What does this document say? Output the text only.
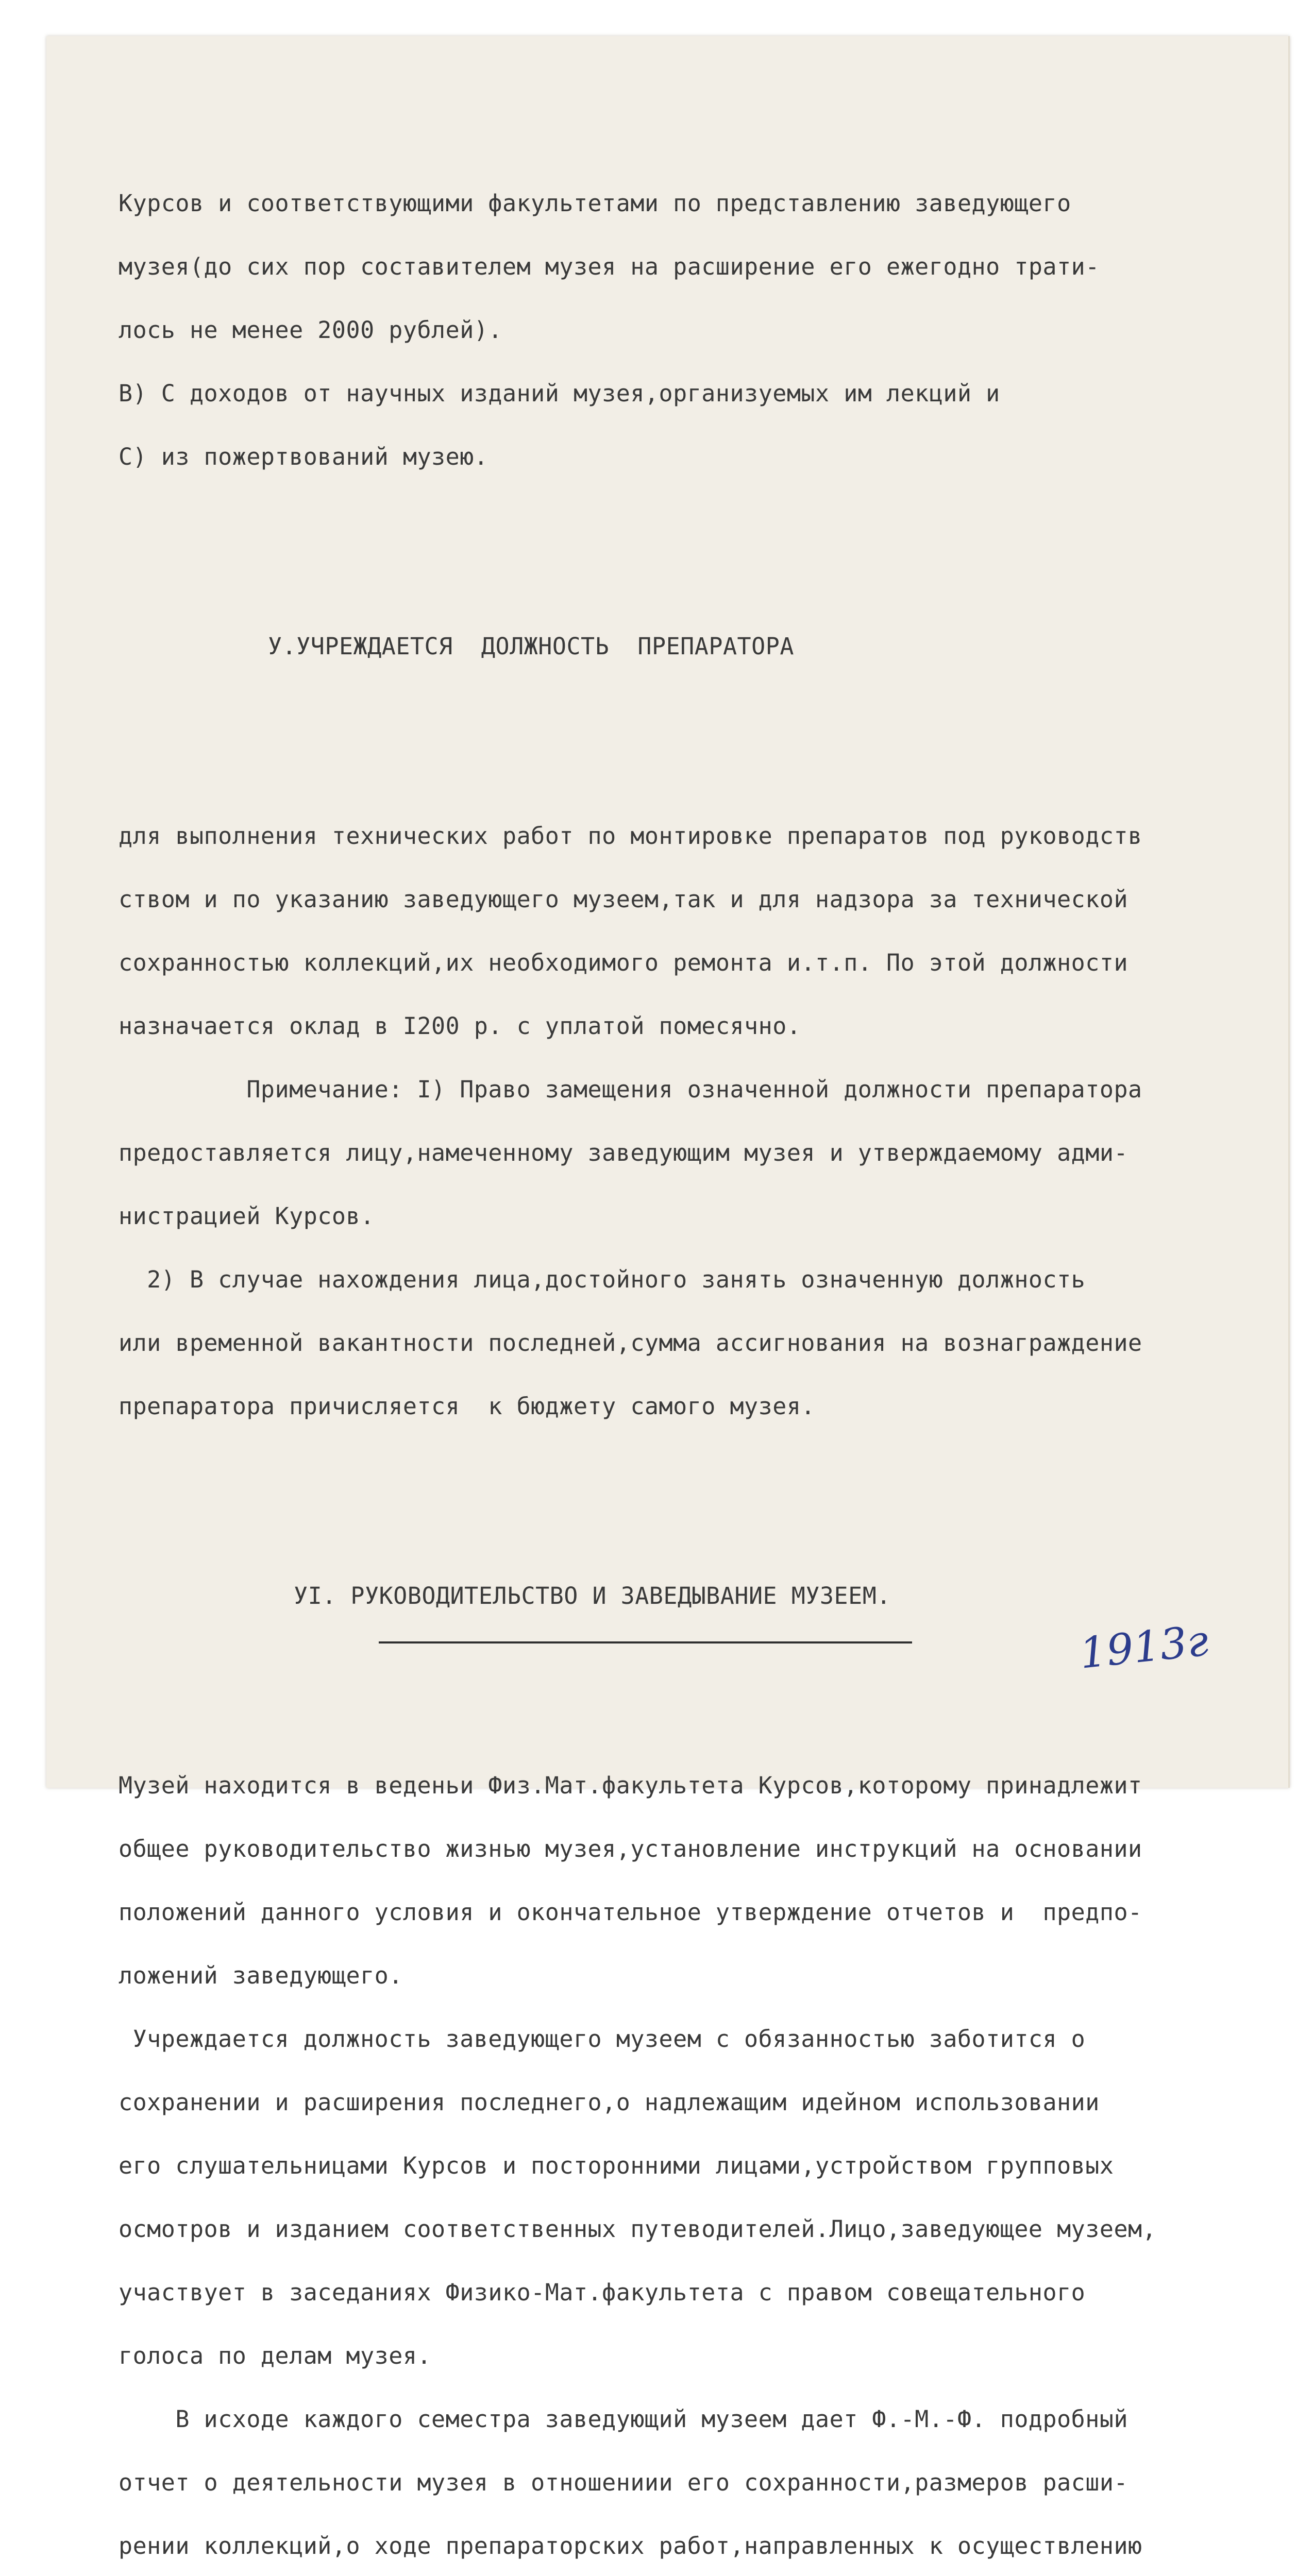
Курсов и соответствующими факультетами по представлению заведующего

музея(до сих пор составителем музея на расширение его ежегодно трати-

лось не менее 2000 рублей).

В) С доходов от научных изданий музея,организуемых им лекций и

С) из пожертвований музею.

У.УЧРЕЖДАЕТСЯ  ДОЛЖНОСТЬ  ПРЕПАРАТОРА

для выполнения технических работ по монтировке препаратов под руководств

ством и по указанию заведующего музеем,так и для надзора за технической

сохранностью коллекций,их необходимого ремонта и.т.п. По этой должности

назначается оклад в I200 р. с уплатой помесячно.

Примечание: I) Право замещения означенной должности препаратора

предоставляется лицу,намеченному заведующим музея и утверждаемому адми-

нистрацией Курсов.

2) В случае нахождения лица,достойного занять означенную должность

или временной вакантности последней,сумма ассигнования на вознаграждение

препаратора причисляется  к бюджету самого музея.

УI. РУКОВОДИТЕЛЬСТВО И ЗАВЕДЫВАНИЕ МУЗЕЕМ.

Музей находится в веденьи Физ.Мат.факультета Курсов,которому принадлежит

общее руководительство жизнью музея,установление инструкций на основании

положений данного условия и окончательное утверждение отчетов и  предпо-

ложений заведующего.

Учреждается должность заведующего музеем с обязанностью заботится о

сохранении и расширения последнего,о надлежащим идейном использовании

его слушательницами Курсов и посторонними лицами,устройством групповых

осмотров и изданием соответственных путеводителей.Лицо,заведующее музеем,

участвует в заседаниях Физико-Мат.факультета с правом совещательного

голоса по делам музея.

В исходе каждого семестра заведующий музеем дает Ф.-М.-Ф. подробный

отчет о деятельности музея в отношениии его сохранности,размеров расши-

рении коллекций,о ходе препараторских работ,направленных к осуществлению

1913г
